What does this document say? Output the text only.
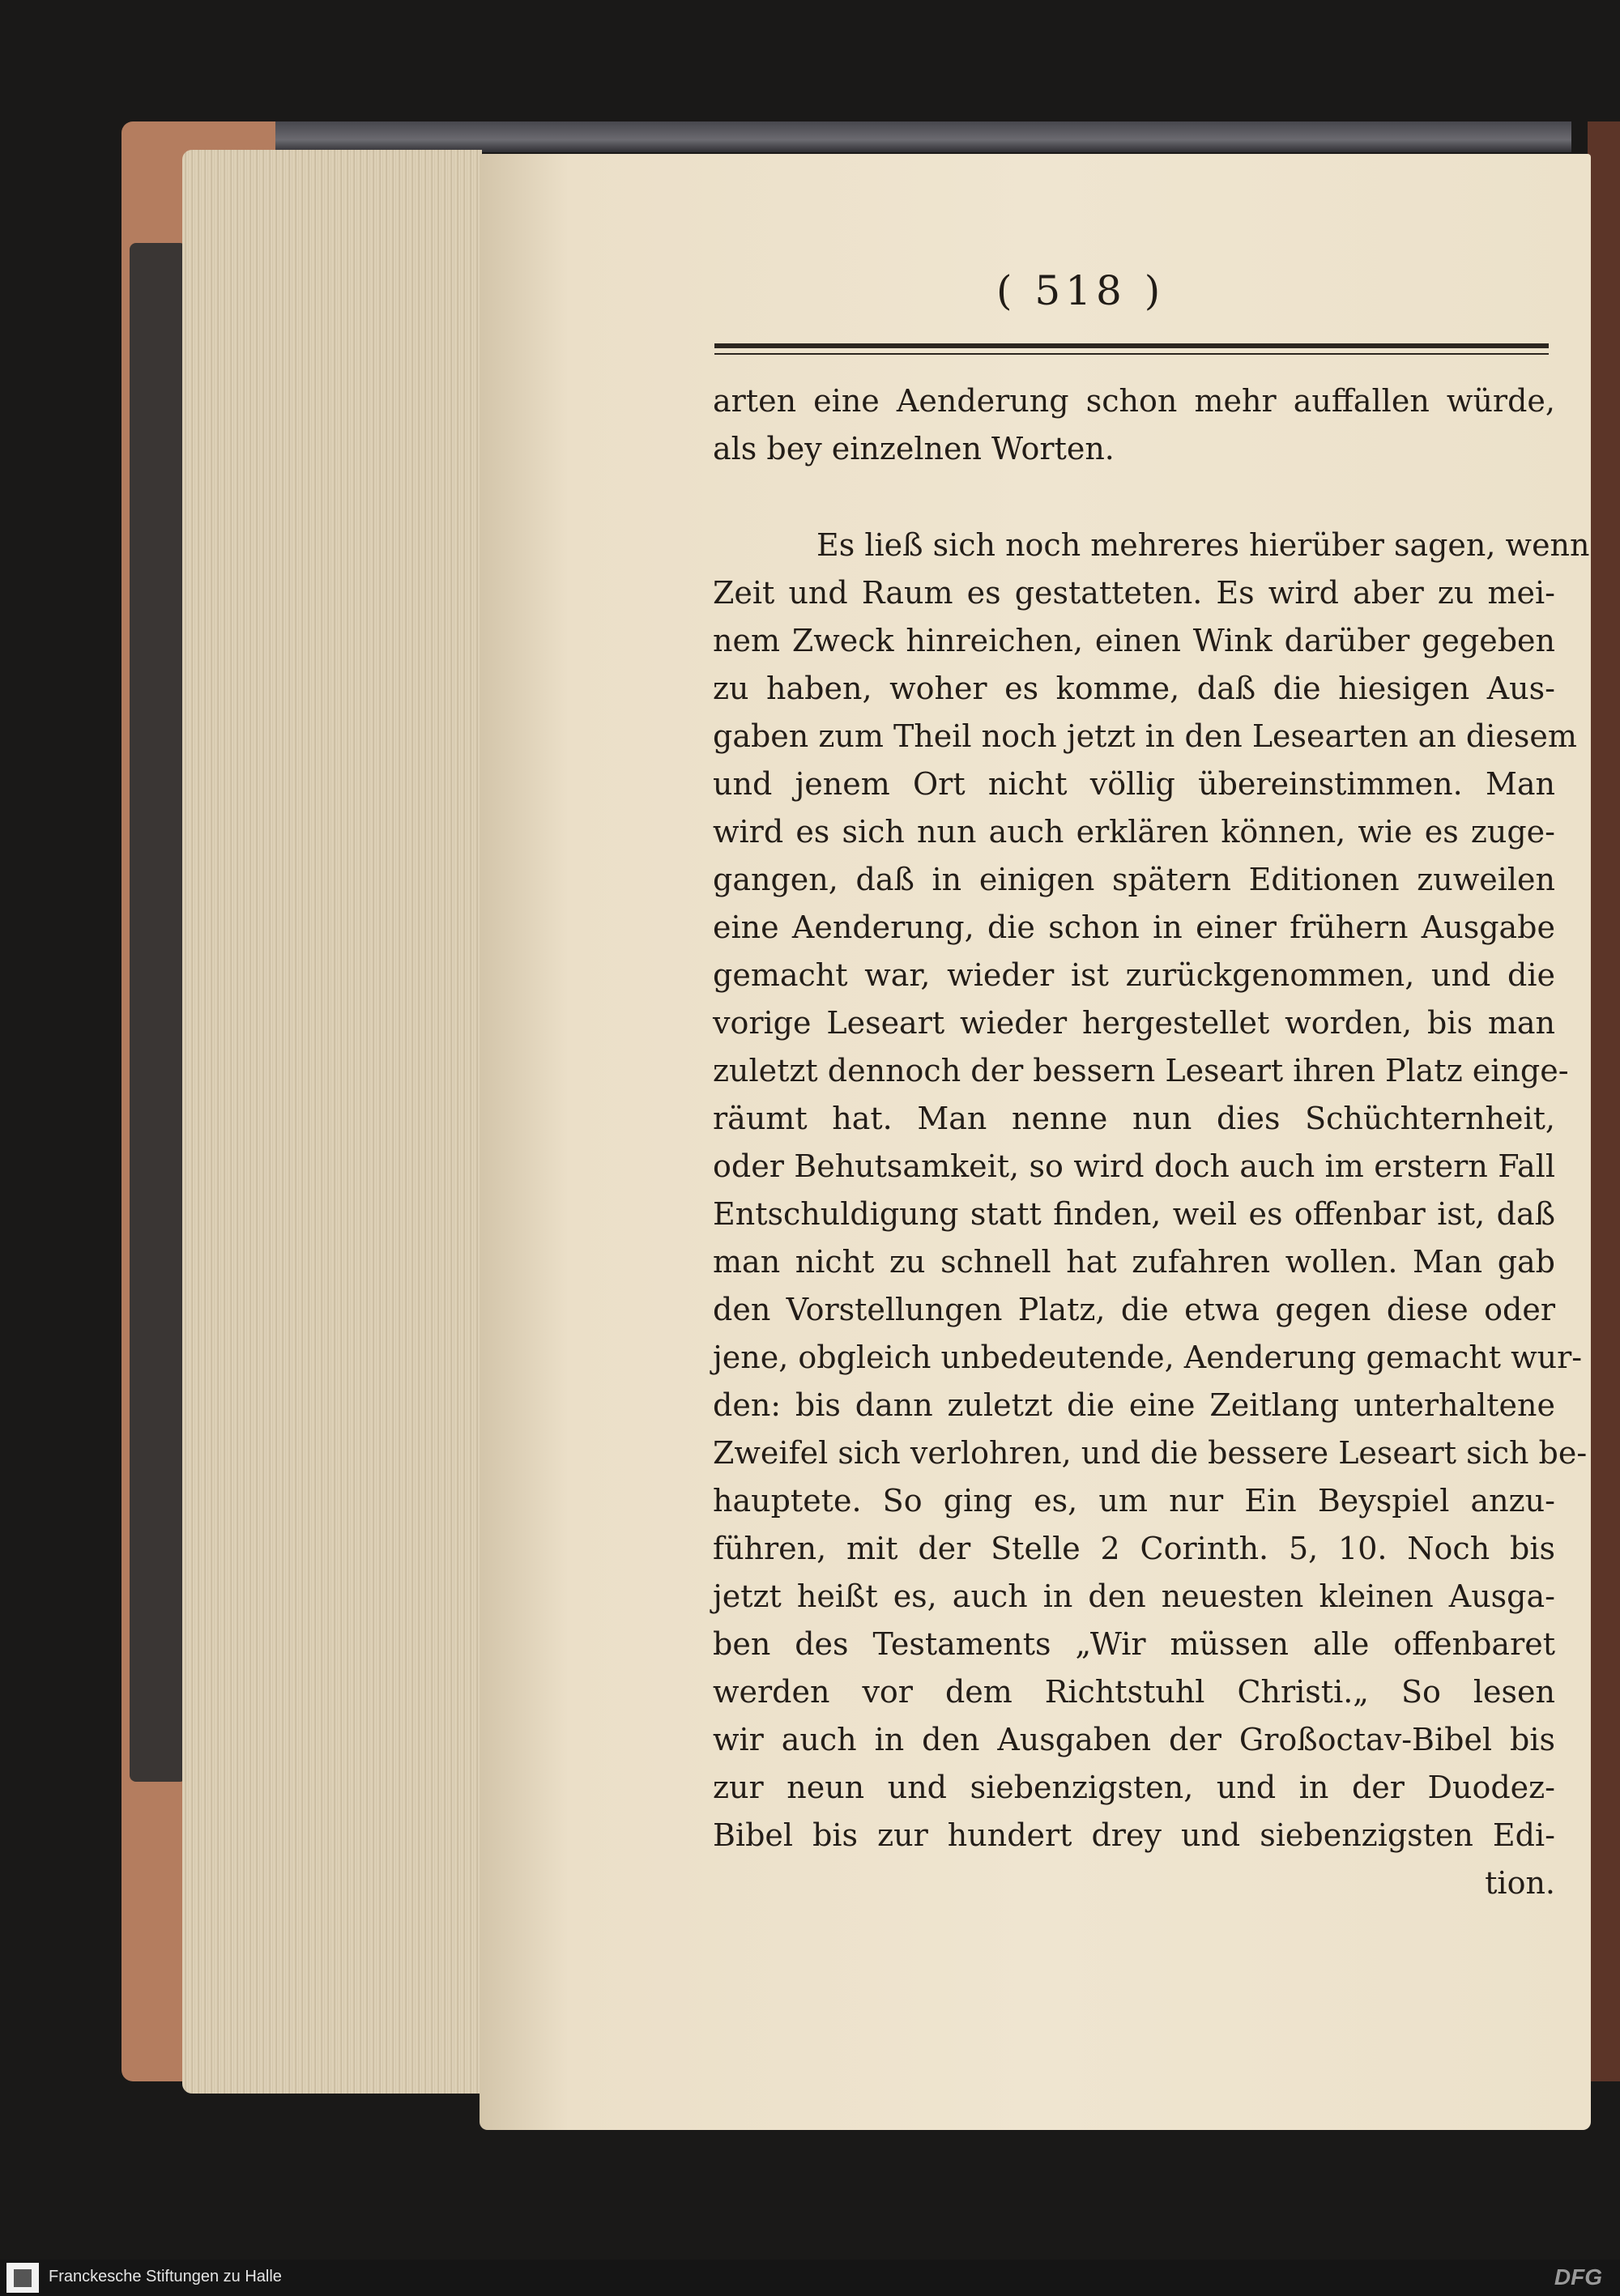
( 518 )
arten eine Aenderung schon mehr auffallen würde,
als bey einzelnen Worten.
Es ließ sich noch mehreres hierüber sagen, wenn
Zeit und Raum es gestatteten. Es wird aber zu mei-
nem Zweck hinreichen, einen Wink darüber gegeben
zu haben, woher es komme, daß die hiesigen Aus-
gaben zum Theil noch jetzt in den Lesearten an diesem
und jenem Ort nicht völlig übereinstimmen. Man
wird es sich nun auch erklären können, wie es zuge-
gangen, daß in einigen spätern Editionen zuweilen
eine Aenderung, die schon in einer frühern Ausgabe
gemacht war, wieder ist zurückgenommen, und die
vorige Leseart wieder hergestellet worden, bis man
zuletzt dennoch der bessern Leseart ihren Platz einge-
räumt hat. Man nenne nun dies Schüchternheit,
oder Behutsamkeit, so wird doch auch im erstern Fall
Entschuldigung statt finden, weil es offenbar ist, daß
man nicht zu schnell hat zufahren wollen. Man gab
den Vorstellungen Platz, die etwa gegen diese oder
jene, obgleich unbedeutende, Aenderung gemacht wur-
den: bis dann zuletzt die eine Zeitlang unterhaltene
Zweifel sich verlohren, und die bessere Leseart sich be-
hauptete. So ging es, um nur Ein Beyspiel anzu-
führen, mit der Stelle 2 Corinth. 5, 10. Noch bis
jetzt heißt es, auch in den neuesten kleinen Ausga-
ben des Testaments „Wir müssen alle offenbaret
werden vor dem Richtstuhl Christi.„ So lesen
wir auch in den Ausgaben der Großoctav-Bibel bis
zur neun und siebenzigsten, und in der Duodez-
Bibel bis zur hundert drey und siebenzigsten Edi-
tion.
Franckesche Stiftungen zu Halle	DFG
